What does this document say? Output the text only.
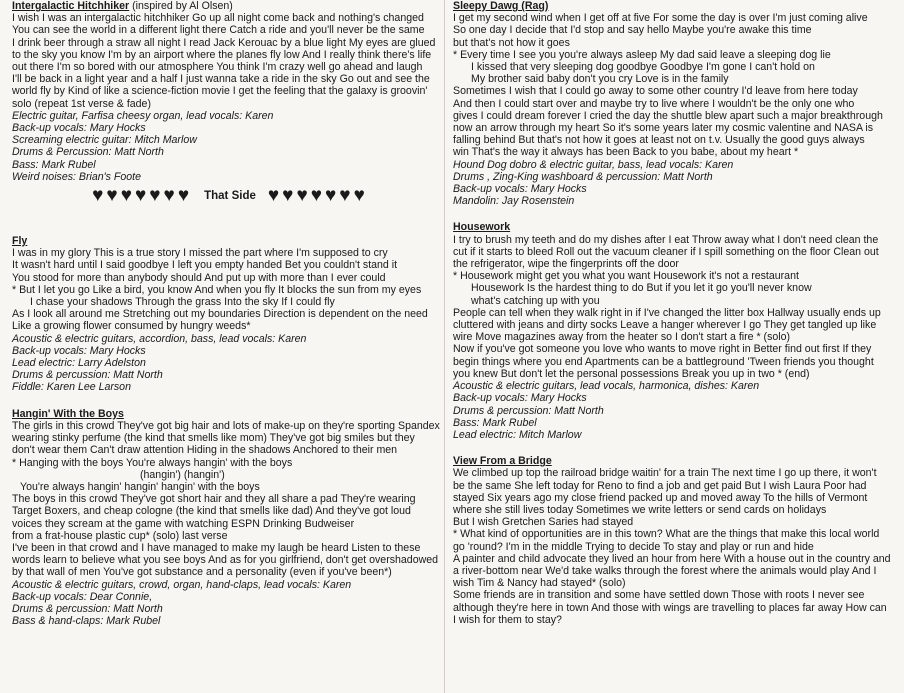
Intergalactic Hitchhiker (inspired by Al Olsen)
I wish I was an intergalactic hitchhiker Go up all night come back and nothing's changed
You can see the world in a different light there Catch a ride and you'll never be the same
I drink beer through a straw all night I read Jack Kerouac by a blue light My eyes are glued
to the sky you know I'm by an airport where the planes fly low And I really think there's life
out there I'm so bored with our atmosphere You think I'm crazy well go ahead and laugh
I'll be back in a light year and a half I just wanna take a ride in the sky Go out and see the
world fly by Kind of like a science-fiction movie I get the feeling that the galaxy is groovin'
solo (repeat 1st verse & fade)
Electric guitar, Farfisa cheesy organ, lead vocals: Karen
Back-up vocals: Mary Hocks
Screaming electric guitar: Mitch Marlow
Drums & Percussion: Matt North
Bass: Mark Rubel
Weird noises: Brian's Foote
♥♥♥♥♥♥♥ That Side ♥♥♥♥♥♥♥
Fly
I was in my glory This is a true story I missed the part where I'm supposed to cry
It wasn't hard until I said goodbye I left you empty handed Bet you couldn't stand it
You stood for more than anybody should And put up with more than I ever could
* But I let you go Like a bird, you know And when you fly It blocks the sun from my eyes
I chase your shadows Through the grass Into the sky If I could fly
As I look all around me Stretching out my boundaries Direction is dependent on the need
Like a growing flower consumed by hungry weeds*
Acoustic & electric guitars, accordion, bass, lead vocals: Karen
Back-up vocals: Mary Hocks
Lead electric: Larry Adelston
Drums & percussion: Matt North
Fiddle: Karen Lee Larson
Hangin' With the Boys
The girls in this crowd They've got big hair and lots of make-up on they're sporting Spandex
wearing stinky perfume (the kind that smells like mom) They've got big smiles but they
don't wear them Can't draw attention Hiding in the shadows Anchored to their men
* Hanging with the boys You're always hangin' with the boys
(hangin') (hangin')
You're always hangin' hangin' hangin' with the boys
The boys in this crowd They've got short hair and they all share a pad They're wearing
Target Boxers, and cheap cologne (the kind that smells like dad) And they've got loud
voices they scream at the game with watching ESPN Drinking Budweiser
from a frat-house plastic cup* (solo) last verse
I've been in that crowd and I have managed to make my laugh be heard Listen to these
words learn to believe what you see boys And as for you girlfriend, don't get overshadowed
by that wall of men You've got substance and a personality (even if you've been*)
Acoustic & electric guitars, crowd, organ, hand-claps, lead vocals: Karen
Back-up vocals: Dear Connie,
Drums & percussion: Matt North
Bass & hand-claps: Mark Rubel
Sleepy Dawg (Rag)
I get my second wind when I get off at five For some the day is over I'm just coming alive
So one day I decide that I'd stop and say hello Maybe you're awake this time
but that's not how it goes
* Every time I see you you're always asleep My dad said leave a sleeping dog lie
I kissed that very sleeping dog goodbye Goodbye I'm gone I can't hold on
My brother said baby don't you cry Love is in the family
Sometimes I wish that I could go away to some other country I'd leave from here today
And then I could start over and maybe try to live where I wouldn't be the only one who
gives I could dream forever I cried the day the shuttle blew apart such a major breakthrough
now an arrow through my heart So it's some years later my cosmic valentine and NASA is
falling behind But that's not how it goes at least not on t.v. Usually the good guys always
win That's the way it always has been Back to you babe, about my heart *
Hound Dog dobro & electric guitar, bass, lead vocals: Karen
Drums , Zing-King washboard & percussion: Matt North
Back-up vocals: Mary Hocks
Mandolin: Jay Rosenstein
Housework
I try to brush my teeth and do my dishes after I eat Throw away what I don't need clean the
cut if it starts to bleed Roll out the vacuum cleaner if I spill something on the floor Clean out
the refrigerator, wipe the fingerprints off the door
* Housework might get you what you want Housework it's not a restaurant
Housework Is the hardest thing to do But if you let it go you'll never know
what's catching up with you
People can tell when they walk right in if I've changed the litter box Hallway usually ends up
cluttered with jeans and dirty socks Leave a hanger wherever I go They get tangled up like
wire Move magazines away from the heater so I don't start a fire * (solo)
Now if you've got someone you love who wants to move right in Better find out first If they
begin things where you end Apartments can be a battleground 'Tween friends you thought
you knew But don't let the personal possessions Break you up in two * (end)
Acoustic & electric guitars, lead vocals, harmonica, dishes: Karen
Back-up vocals: Mary Hocks
Drums & percussion: Matt North
Bass: Mark Rubel
Lead electric: Mitch Marlow
View From a Bridge
We climbed up top the railroad bridge waitin' for a train The next time I go up there, it won't
be the same She left today for Reno to find a job and get paid But I wish Laura Poor had
stayed Six years ago my close friend packed up and moved away To the hills of Vermont
where she still lives today Sometimes we write letters or send cards on holidays
But I wish Gretchen Saries had stayed
* What kind of opportunities are in this town? What are the things that make this local world
go 'round? I'm in the middle Trying to decide To stay and play or run and hide
A painter and child advocate they lived an hour from here With a house out in the country and
a river-bottom near We'd take walks through the forest where the animals would play And I
wish Tim & Nancy had stayed* (solo)
Some friends are in transition and some have settled down Those with roots I never see
although they're here in town And those with wings are travelling to places far away How can
I wish for them to stay?
